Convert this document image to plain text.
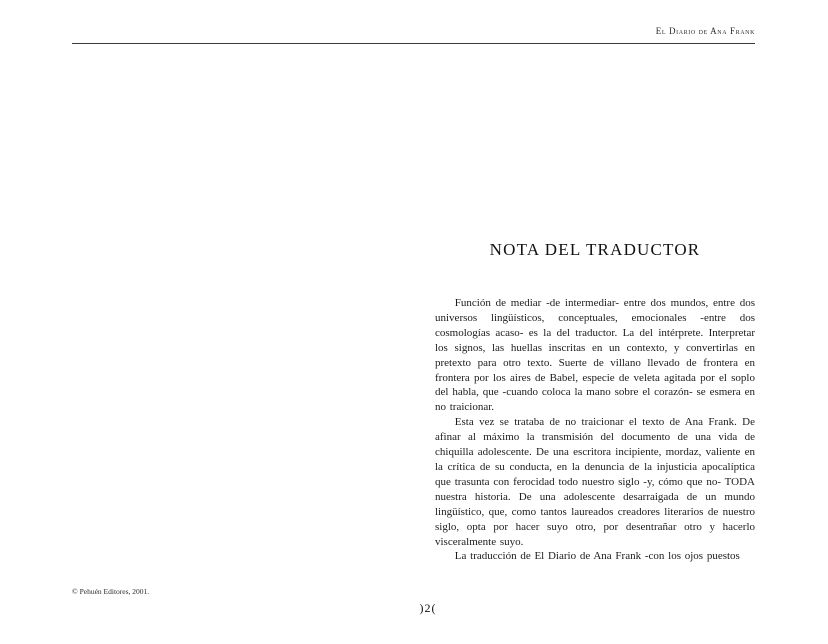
El Diario de Ana Frank
NOTA DEL TRADUCTOR

Función de mediar -de intermediar- entre dos mundos, entre dos universos lingüísticos, conceptuales, emocionales -entre dos cosmologías acaso- es la del traductor. La del intérprete. Interpretar los signos, las huellas inscritas en un contexto, y convertirlas en pretexto para otro texto. Suerte de villano llevado de frontera en frontera por los aires de Babel, especie de veleta agitada por el soplo del habla, que -cuando coloca la mano sobre el corazón- se esmera en no traicionar.

Esta vez se trataba de no traicionar el texto de Ana Frank. De afinar al máximo la transmisión del documento de una vida de chiquilla adolescente. De una escritora incipiente, mordaz, valiente en la crítica de su conducta, en la denuncia de la injusticia apocalíptica que trasunta con ferocidad todo nuestro siglo -y, cómo que no- TODA nuestra historia. De una adolescente desarraigada de un mundo lingüístico, que, como tantos laureados creadores literarios de nuestro siglo, opta por hacer suyo otro, por desentrañar otro y hacerlo visceralmente suyo.

La traducción de El Diario de Ana Frank -con los ojos puestos

© Pehuén Editores, 2001.
)2(
